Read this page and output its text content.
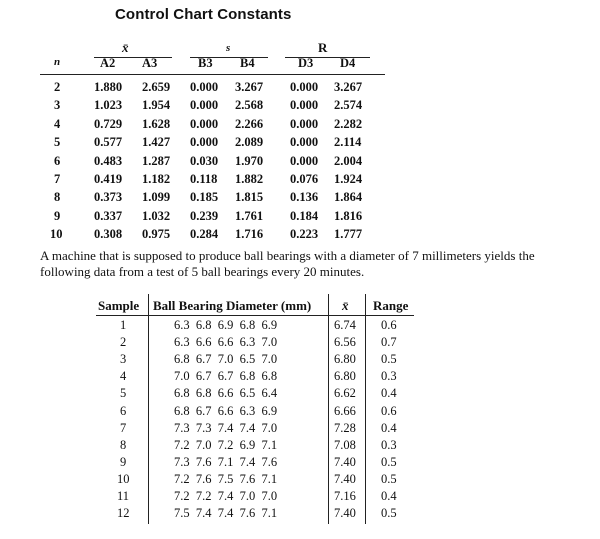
Control Chart Constants
x̄	s	R
n	A2 A3	B3 B4	D3 D4
2	1.880 2.659 0.000 3.267 0.000 3.267
3	1.023 1.954 0.000 2.568 0.000 2.574
4	0.729 1.628 0.000 2.266 0.000 2.282
5	0.577 1.427 0.000 2.089 0.000 2.114
6	0.483 1.287 0.030 1.970 0.000 2.004
7	0.419 1.182 0.118 1.882 0.076 1.924
8	0.373 1.099 0.185 1.815 0.136 1.864
9	0.337 1.032 0.239 1.761 0.184 1.816
10	0.308 0.975 0.284 1.716 0.223 1.777
A machine that is supposed to produce ball bearings with a diameter of 7 millimeters yields the following data from a test of 5 ball bearings every 20 minutes.
Sample Ball Bearing Diameter (mm) x̄ Range
1	6.3  6.8  6.9  6.8  6.9	6.74 0.6
2	6.3  6.6  6.6  6.3  7.0	6.56 0.7
3	6.8  6.7  7.0  6.5  7.0	6.80 0.5
4	7.0  6.7  6.7  6.8  6.8	6.80 0.3
5	6.8  6.8  6.6  6.5  6.4	6.62 0.4
6	6.8  6.7  6.6  6.3  6.9	6.66 0.6
7	7.3  7.3  7.4  7.4  7.0	7.28 0.4
8	7.2  7.0  7.2  6.9  7.1	7.08 0.3
9	7.3  7.6  7.1  7.4  7.6	7.40 0.5
10	7.2  7.6  7.5  7.6  7.1	7.40 0.5
11	7.2  7.2  7.4  7.0  7.0	7.16 0.4
12	7.5  7.4  7.4  7.6  7.1	7.40 0.5
